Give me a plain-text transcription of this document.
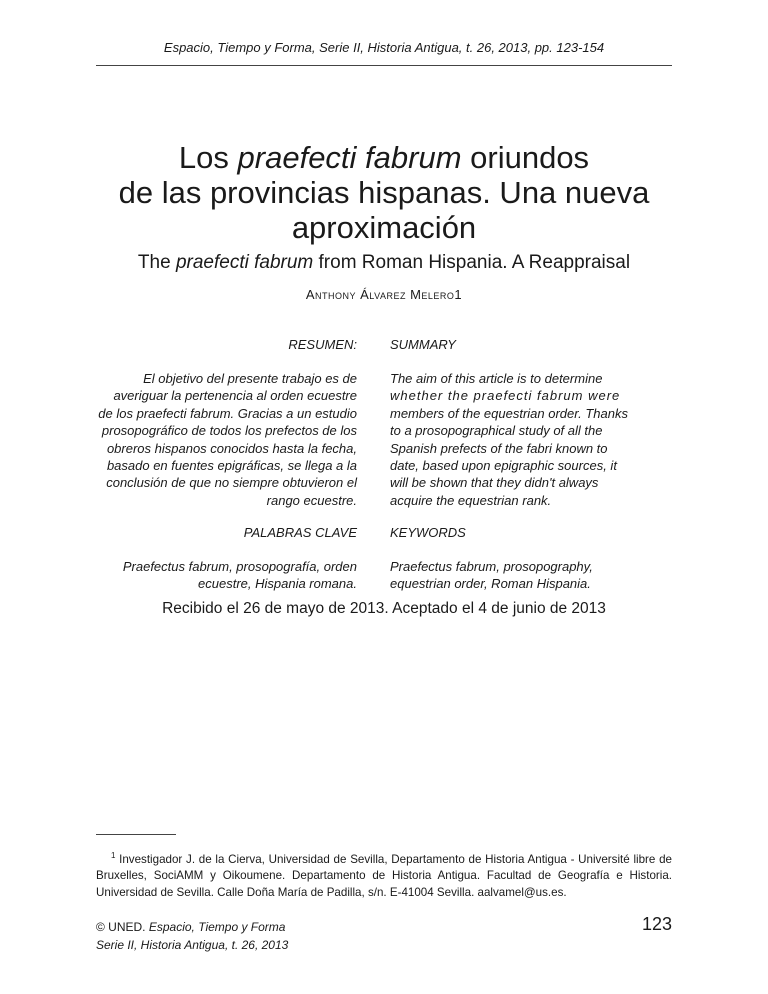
Espacio, Tiempo y Forma, Serie II, Historia Antigua, t. 26, 2013, pp. 123-154
Los praefecti fabrum oriundos
de las provincias hispanas. Una nueva
aproximación
The praefecti fabrum from Roman Hispania. A Reappraisal
Anthony Álvarez Melero1
RESUMEN:	SUMMARY
El objetivo del presente trabajo es de
averiguar la pertenencia al orden ecuestre
de los praefecti fabrum. Gracias a un estudio
prosopográfico de todos los prefectos de los
obreros hispanos conocidos hasta la fecha,
basado en fuentes epigráficas, se llega a la
conclusión de que no siempre obtuvieron el
rango ecuestre.
The aim of this article is to determine
whether the praefecti fabrum were
members of the equestrian order. Thanks
to a prosopographical study of all the
Spanish prefects of the fabri known to
date, based upon epigraphic sources, it
will be shown that they didn't always
acquire the equestrian rank.
PALABRAS CLAVE	KEYWORDS
Praefectus fabrum, prosopografía, orden
ecuestre, Hispania romana.
Praefectus fabrum, prosopography,
equestrian order, Roman Hispania.
Recibido el 26 de mayo de 2013. Aceptado el 4 de junio de 2013
$^1$ Investigador J. de la Cierva, Universidad de Sevilla, Departamento de Historia Antigua - Université libre de Bruxelles, SociAMM y Oikoumene. Departamento de Historia Antigua. Facultad de Geografía e Historia. Universidad de Sevilla. Calle Doña María de Padilla, s/n. E-41004 Sevilla. aalvamel@us.es.
© UNED. Espacio, Tiempo y Forma
Serie II, Historia Antigua, t. 26, 2013
123
